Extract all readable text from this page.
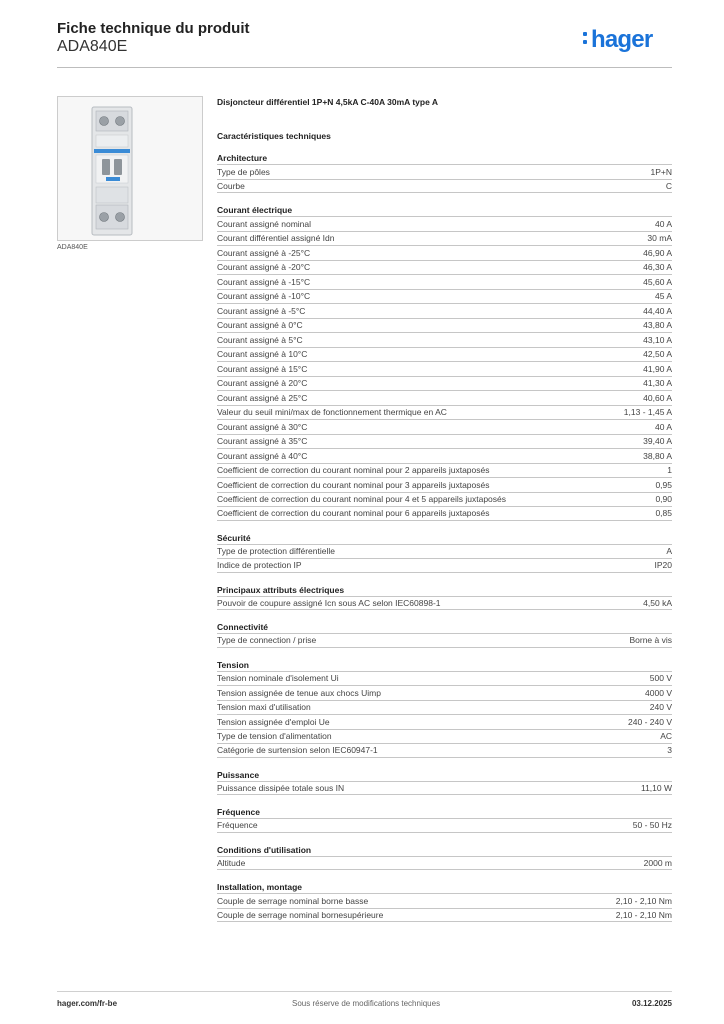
Fiche technique du produit
ADA840E	hager
ADA840E
Disjoncteur différentiel 1P+N 4,5kA C-40A 30mA type A
Caractéristiques techniques
Architecture
Type de pôles	1P+N
Courbe	C
Courant électrique
Courant assigné nominal	40 A
Courant différentiel assigné Idn	30 mA
Courant assigné à -25°C	46,90 A
Courant assigné à -20°C	46,30 A
Courant assigné à -15°C	45,60 A
Courant assigné à -10°C	45 A
Courant assigné à -5°C	44,40 A
Courant assigné à 0°C	43,80 A
Courant assigné à 5°C	43,10 A
Courant assigné à 10°C	42,50 A
Courant assigné à 15°C	41,90 A
Courant assigné à 20°C	41,30 A
Courant assigné à 25°C	40,60 A
Valeur du seuil mini/max de fonctionnement thermique en AC	1,13 - 1,45 A
Courant assigné à 30°C	40 A
Courant assigné à 35°C	39,40 A
Courant assigné à 40°C	38,80 A
Coefficient de correction du courant nominal pour 2 appareils juxtaposés	1
Coefficient de correction du courant nominal pour 3 appareils juxtaposés	0,95
Coefficient de correction du courant nominal pour 4 et 5 appareils juxtaposés	0,90
Coefficient de correction du courant nominal pour 6 appareils juxtaposés	0,85
Sécurité
Type de protection différentielle	A
Indice de protection IP	IP20
Principaux attributs électriques
Pouvoir de coupure assigné Icn sous AC selon IEC60898-1	4,50 kA
Connectivité
Type de connection / prise	Borne à vis
Tension
Tension nominale d'isolement Ui	500 V
Tension assignée de tenue aux chocs Uimp	4000 V
Tension maxi d'utilisation	240 V
Tension assignée d'emploi Ue	240 - 240 V
Type de tension d'alimentation	AC
Catégorie de surtension selon IEC60947-1	3
Puissance
Puissance dissipée totale sous IN	11,10 W
Fréquence
Fréquence	50 - 50 Hz
Conditions d'utilisation
Altitude	2000 m
Installation, montage
Couple de serrage nominal borne basse	2,10 - 2,10 Nm
Couple de serrage nominal bornesupérieure	2,10 - 2,10 Nm
hager.com/fr-be	Sous réserve de modifications techniques	03.12.2025
